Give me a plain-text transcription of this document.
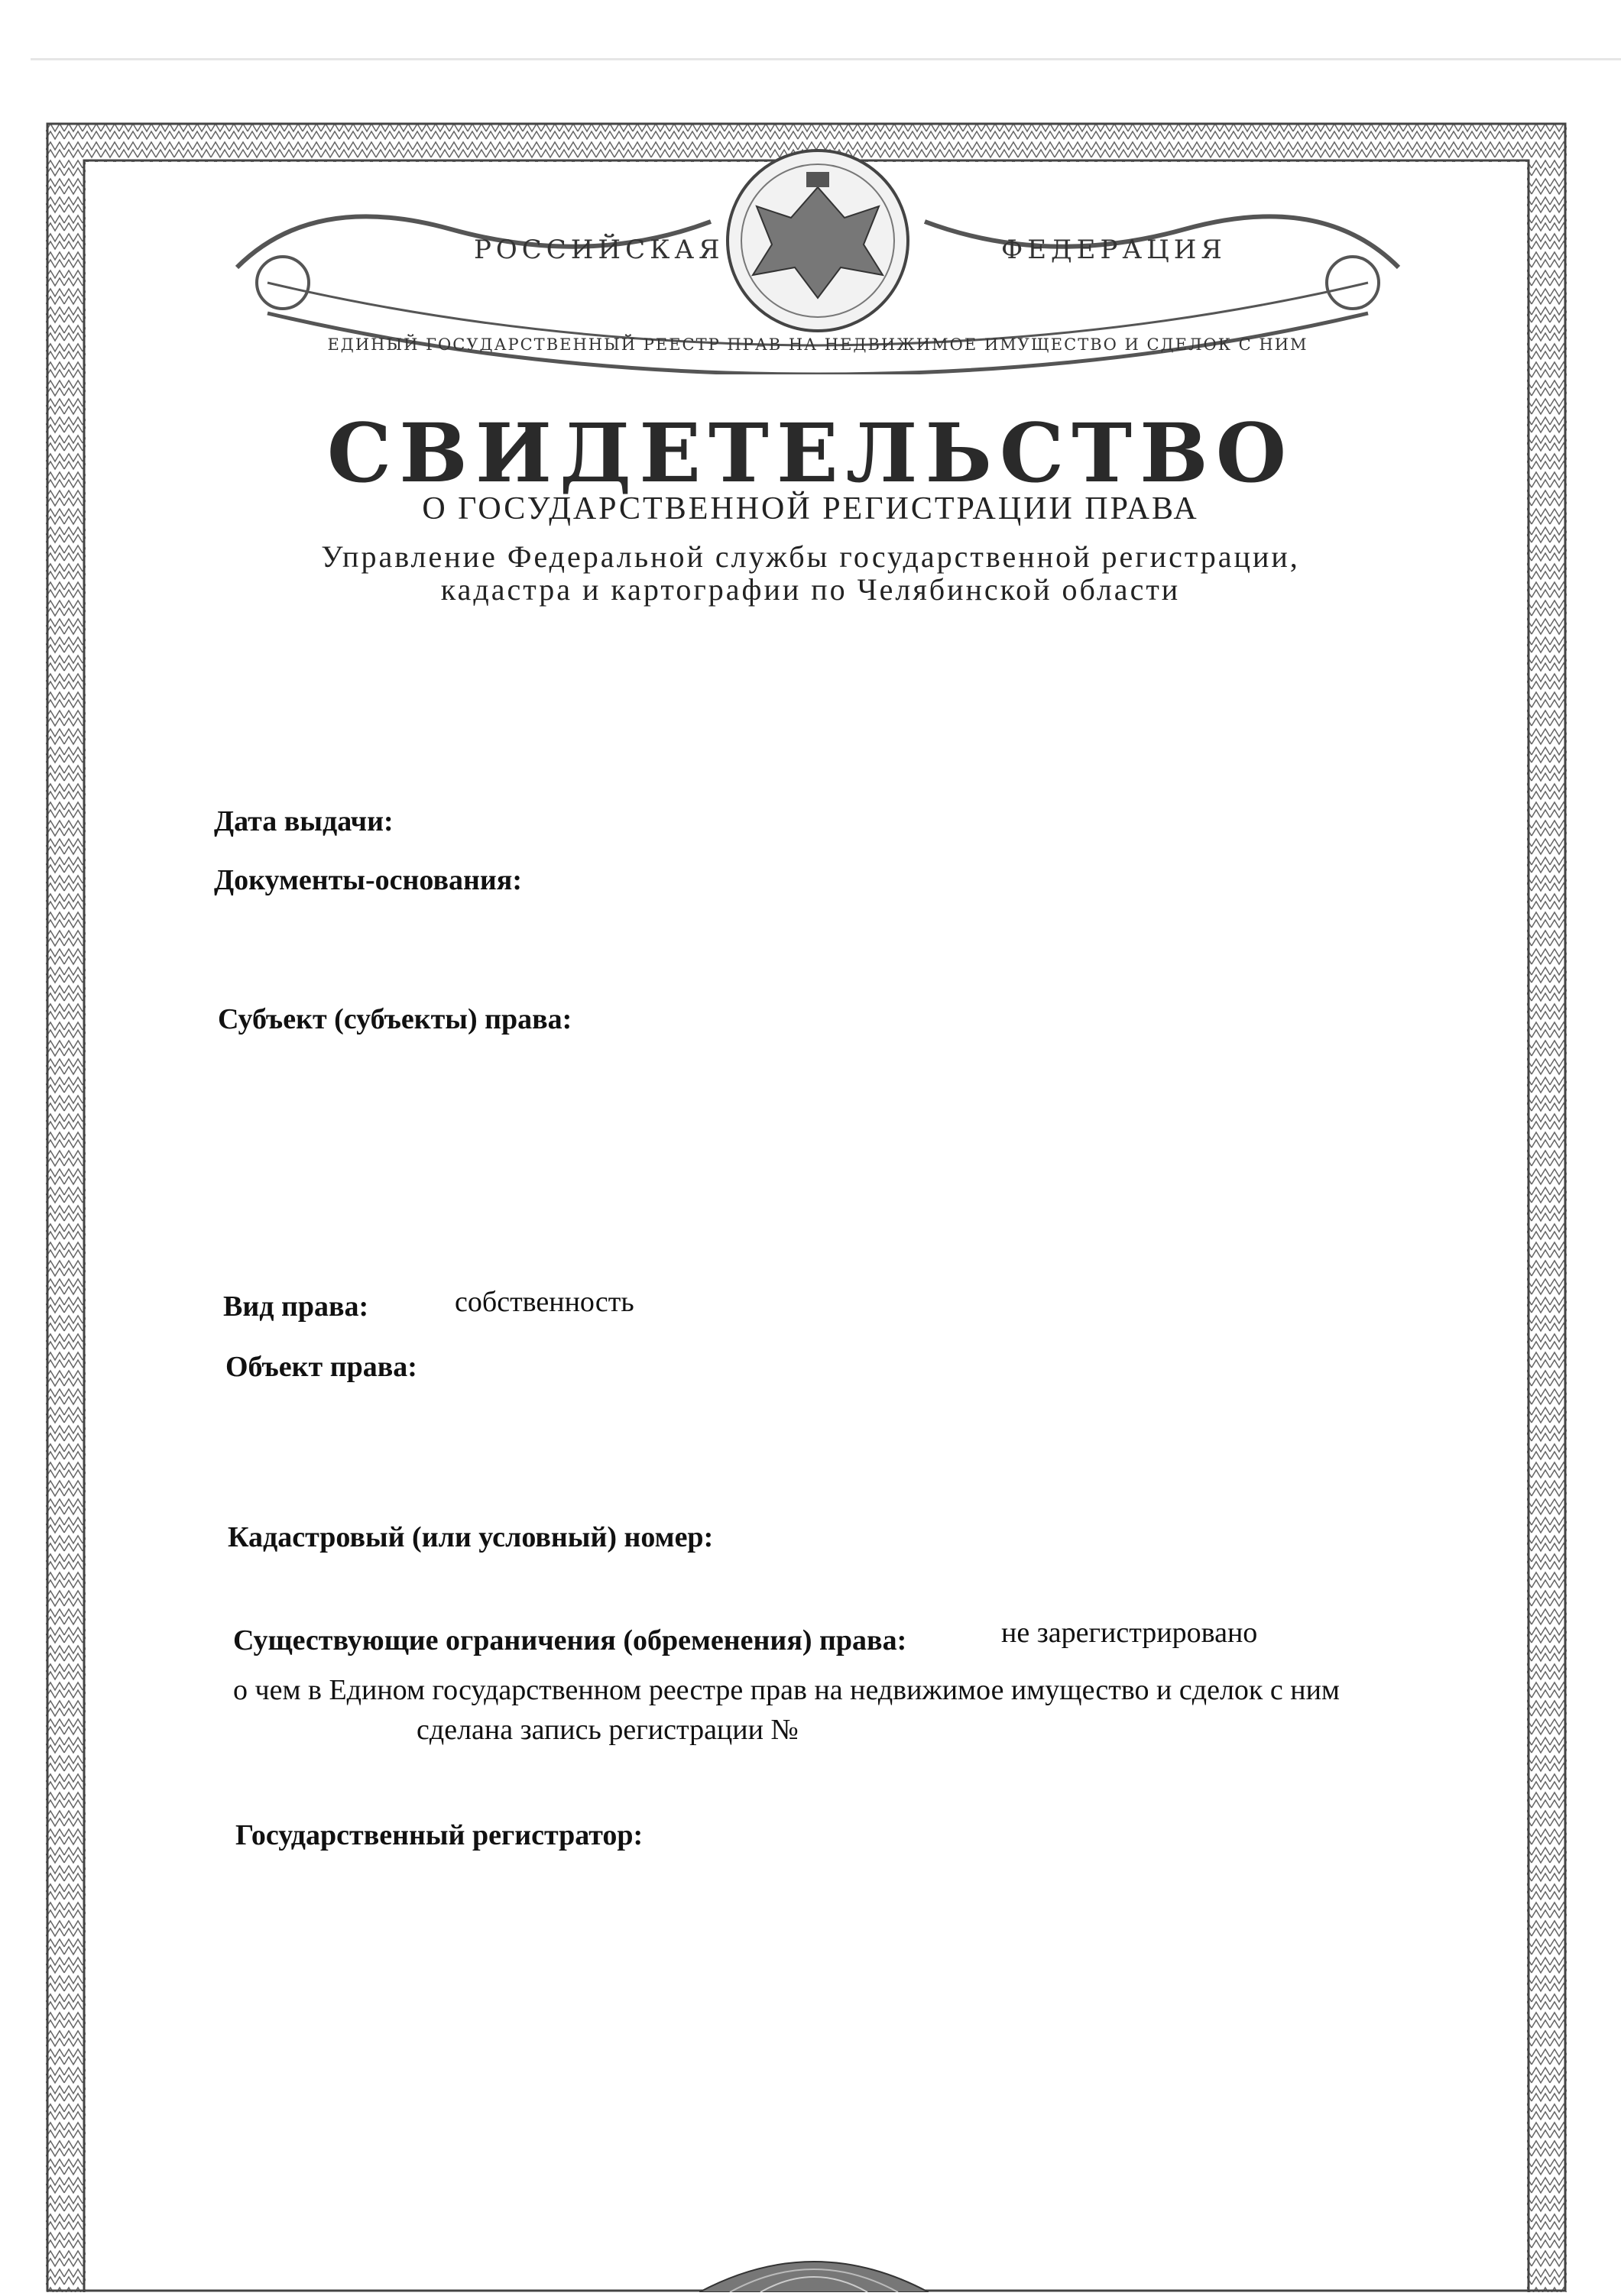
РОССИЙСКАЯ	ФЕДЕРАЦИЯ
ЕДИНЫЙ ГОСУДАРСТВЕННЫЙ РЕЕСТР ПРАВ НА НЕДВИЖИМОЕ ИМУЩЕСТВО И СДЕЛОК С НИМ
СВИДЕТЕЛЬСТВО
О ГОСУДАРСТВЕННОЙ РЕГИСТРАЦИИ ПРАВА
Управление Федеральной службы государственной регистрации,
кадастра и картографии по Челябинской области
Дата выдачи:
Документы-основания:
Субъект (субъекты) права:
Вид права:	собственность
Объект права:
Кадастровый (или условный) номер:
Существующие ограничения (обременения) права:	не зарегистрировано
о чем в Едином государственном реестре прав на недвижимое имущество и сделок с ним
сделана запись регистрации №
Государственный регистратор:
